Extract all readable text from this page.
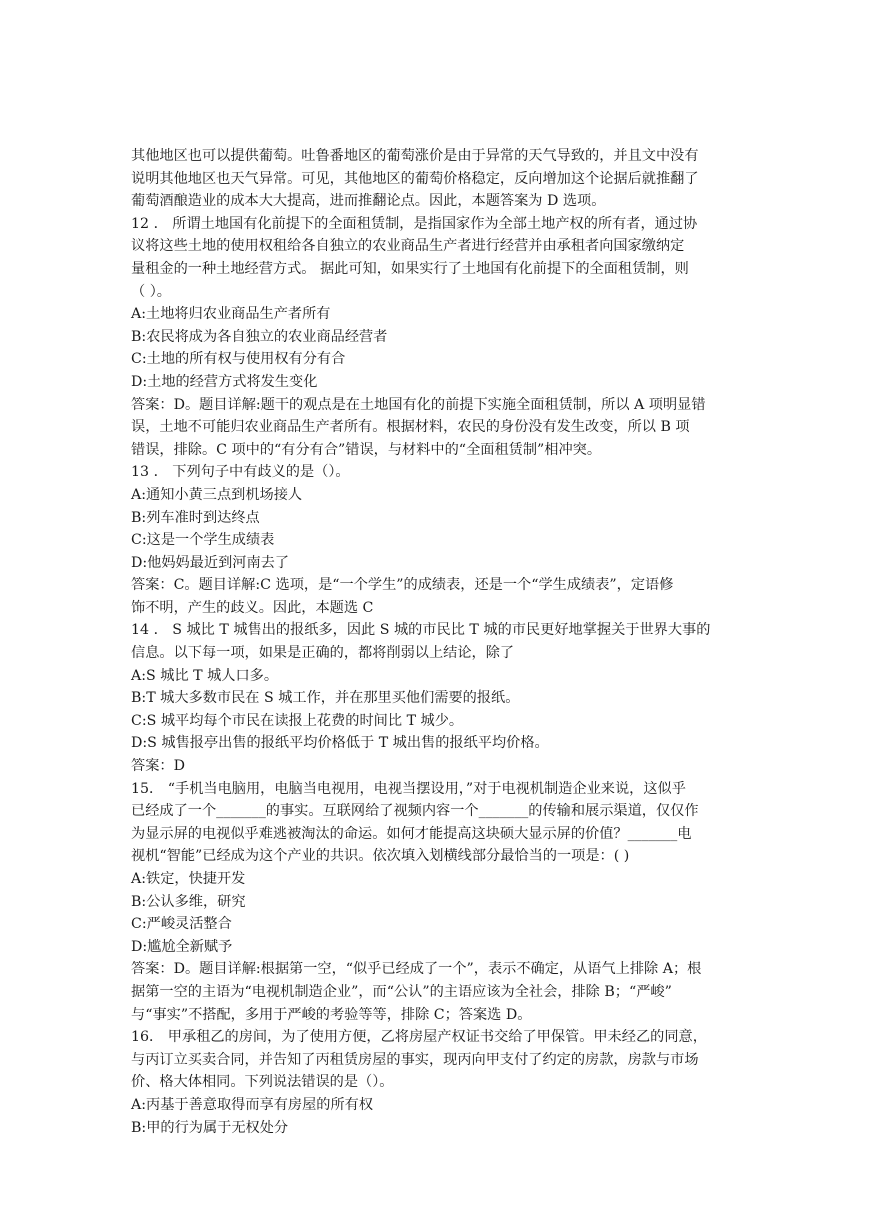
其他地区也可以提供葡萄。吐鲁番地区的葡萄涨价是由于异常的天气导致的，并且文中没有
说明其他地区也天气异常。可见，其他地区的葡萄价格稳定，反向增加这个论据后就推翻了
葡萄酒酿造业的成本大大提高，进而推翻论点。因此，本题答案为 D 选项。
12 ． 所谓土地国有化前提下的全面租赁制，是指国家作为全部土地产权的所有者，通过协
议将这些土地的使用权租给各自独立的农业商品生产者进行经营并由承租者向国家缴纳定
量租金的一种土地经营方式。 据此可知，如果实行了土地国有化前提下的全面租赁制，则
（ ）。
A:土地将归农业商品生产者所有
B:农民将成为各自独立的农业商品经营者
C:土地的所有权与使用权有分有合
D:土地的经营方式将发生变化
答案：D。题目详解:题干的观点是在土地国有化的前提下实施全面租赁制，所以 A 项明显错
误，土地不可能归农业商品生产者所有。根据材料，农民的身份没有发生改变，所以 B 项
错误，排除。C 项中的“有分有合”错误，与材料中的“全面租赁制”相冲突。
13 ． 下列句子中有歧义的是（）。
A:通知小黄三点到机场接人
B:列车准时到达终点
C:这是一个学生成绩表
D:他妈妈最近到河南去了
答案：C。题目详解:C 选项，是“一个学生”的成绩表，还是一个“学生成绩表”，定语修
饰不明，产生的歧义。因此，本题选 C
14 ． S 城比 T 城售出的报纸多，因此 S 城的市民比 T 城的市民更好地掌握关于世界大事的
信息。以下每一项，如果是正确的，都将削弱以上结论，除了
A:S 城比 T 城人口多。
B:T 城大多数市民在 S 城工作，并在那里买他们需要的报纸。
C:S 城平均每个市民在读报上花费的时间比 T 城少。
D:S 城售报亭出售的报纸平均价格低于 T 城出售的报纸平均价格。
答案：D
15． “手机当电脑用，电脑当电视用，电视当摆设用，”对于电视机制造企业来说，这似乎
已经成了一个_______的事实。互联网给了视频内容一个_______的传输和展示渠道，仅仅作
为显示屏的电视似乎难逃被淘汰的命运。如何才能提高这块硕大显示屏的价值？_______电
视机“智能”已经成为这个产业的共识。依次填入划横线部分最恰当的一项是：( )
A:铁定，快捷开发
B:公认多维，研究
C:严峻灵活整合
D:尴尬全新赋予
答案：D。题目详解:根据第一空，“似乎已经成了一个”，表示不确定，从语气上排除 A；根
据第一空的主语为“电视机制造企业”，而“公认”的主语应该为全社会，排除 B；“严峻”
与“事实”不搭配，多用于严峻的考验等等，排除 C；答案选 D。
16． 甲承租乙的房间，为了使用方便，乙将房屋产权证书交给了甲保管。甲未经乙的同意，
与丙订立买卖合同，并告知了丙租赁房屋的事实，现丙向甲支付了约定的房款，房款与市场
价、格大体相同。下列说法错误的是（）。
A:丙基于善意取得而享有房屋的所有权
B:甲的行为属于无权处分
